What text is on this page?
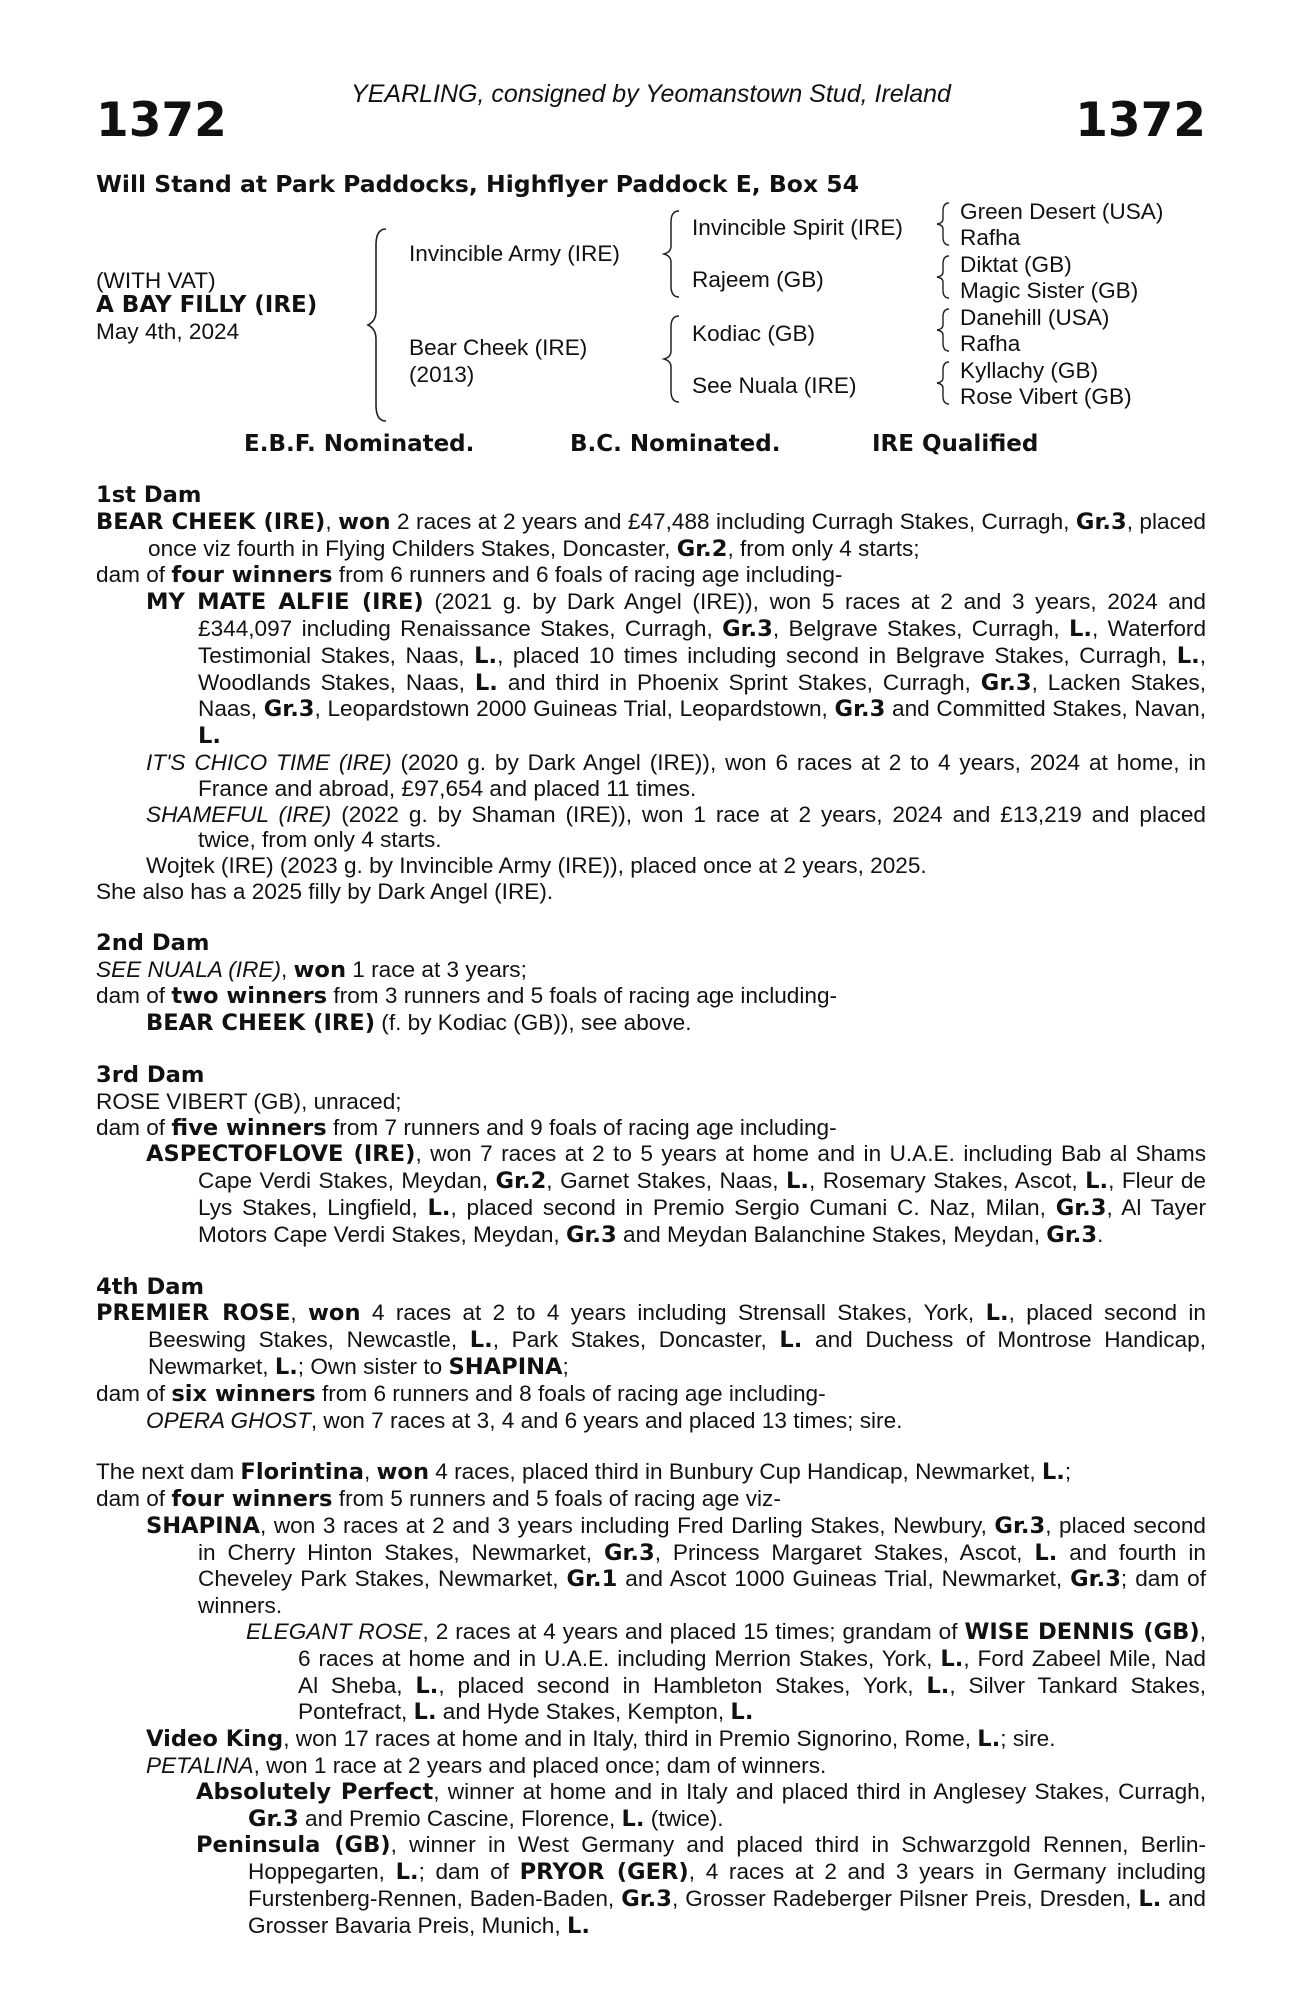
YEARLING, consigned by Yeomanstown Stud, Ireland
1372	1372
Will Stand at Park Paddocks, Highflyer Paddock E, Box 54
(WITH VAT)
A BAY FILLY (IRE)
May 4th, 2024
Invincible Army (IRE)
Bear Cheek (IRE)
(2013)
Invincible Spirit (IRE)
Rajeem (GB)
Kodiac (GB)
See Nuala (IRE)
Green Desert (USA)
Rafha
Diktat (GB)
Magic Sister (GB)
Danehill (USA)
Rafha
Kyllachy (GB)
Rose Vibert (GB)
E.B.F. Nominated.	B.C. Nominated.	IRE Qualified

1st Dam

BEAR CHEEK (IRE), won 2 races at 2 years and £47,488 including Curragh Stakes, Curragh, Gr.3, placed once viz fourth in Flying Childers Stakes, Doncaster, Gr.2, from only 4 starts;

dam of four winners from 6 runners and 6 foals of racing age including-

MY MATE ALFIE (IRE) (2021 g. by Dark Angel (IRE)), won 5 races at 2 and 3 years, 2024 and £344,097 including Renaissance Stakes, Curragh, Gr.3, Belgrave Stakes, Curragh, L., Waterford Testimonial Stakes, Naas, L., placed 10 times including second in Belgrave Stakes, Curragh, L., Woodlands Stakes, Naas, L. and third in Phoenix Sprint Stakes, Curragh, Gr.3, Lacken Stakes, Naas, Gr.3, Leopardstown 2000 Guineas Trial, Leopardstown, Gr.3 and Committed Stakes, Navan, L.

IT'S CHICO TIME (IRE) (2020 g. by Dark Angel (IRE)), won 6 races at 2 to 4 years, 2024 at home, in France and abroad, £97,654 and placed 11 times.

SHAMEFUL (IRE) (2022 g. by Shaman (IRE)), won 1 race at 2 years, 2024 and £13,219 and placed twice, from only 4 starts.

Wojtek (IRE) (2023 g. by Invincible Army (IRE)), placed once at 2 years, 2025.

She also has a 2025 filly by Dark Angel (IRE).

2nd Dam

SEE NUALA (IRE), won 1 race at 3 years;

dam of two winners from 3 runners and 5 foals of racing age including-

BEAR CHEEK (IRE) (f. by Kodiac (GB)), see above.

3rd Dam

ROSE VIBERT (GB), unraced;

dam of five winners from 7 runners and 9 foals of racing age including-

ASPECTOFLOVE (IRE), won 7 races at 2 to 5 years at home and in U.A.E. including Bab al Shams Cape Verdi Stakes, Meydan, Gr.2, Garnet Stakes, Naas, L., Rosemary Stakes, Ascot, L., Fleur de Lys Stakes, Lingfield, L., placed second in Premio Sergio Cumani C. Naz, Milan, Gr.3, Al Tayer Motors Cape Verdi Stakes, Meydan, Gr.3 and Meydan Balanchine Stakes, Meydan, Gr.3.

4th Dam

PREMIER ROSE, won 4 races at 2 to 4 years including Strensall Stakes, York, L., placed second in Beeswing Stakes, Newcastle, L., Park Stakes, Doncaster, L. and Duchess of Montrose Handicap, Newmarket, L.; Own sister to SHAPINA;

dam of six winners from 6 runners and 8 foals of racing age including-

OPERA GHOST, won 7 races at 3, 4 and 6 years and placed 13 times; sire.

The next dam Florintina, won 4 races, placed third in Bunbury Cup Handicap, Newmarket, L.;

dam of four winners from 5 runners and 5 foals of racing age viz-

SHAPINA, won 3 races at 2 and 3 years including Fred Darling Stakes, Newbury, Gr.3, placed second in Cherry Hinton Stakes, Newmarket, Gr.3, Princess Margaret Stakes, Ascot, L. and fourth in Cheveley Park Stakes, Newmarket, Gr.1 and Ascot 1000 Guineas Trial, Newmarket, Gr.3; dam of winners.

ELEGANT ROSE, 2 races at 4 years and placed 15 times; grandam of WISE DENNIS (GB), 6 races at home and in U.A.E. including Merrion Stakes, York, L., Ford Zabeel Mile, Nad Al Sheba, L., placed second in Hambleton Stakes, York, L., Silver Tankard Stakes, Pontefract, L. and Hyde Stakes, Kempton, L.

Video King, won 17 races at home and in Italy, third in Premio Signorino, Rome, L.; sire.

PETALINA, won 1 race at 2 years and placed once; dam of winners.

Absolutely Perfect, winner at home and in Italy and placed third in Anglesey Stakes, Curragh, Gr.3 and Premio Cascine, Florence, L. (twice).

Peninsula (GB), winner in West Germany and placed third in Schwarzgold Rennen, Berlin-Hoppegarten, L.; dam of PRYOR (GER), 4 races at 2 and 3 years in Germany including Furstenberg-Rennen, Baden-Baden, Gr.3, Grosser Radeberger Pilsner Preis, Dresden, L. and Grosser Bavaria Preis, Munich, L.
